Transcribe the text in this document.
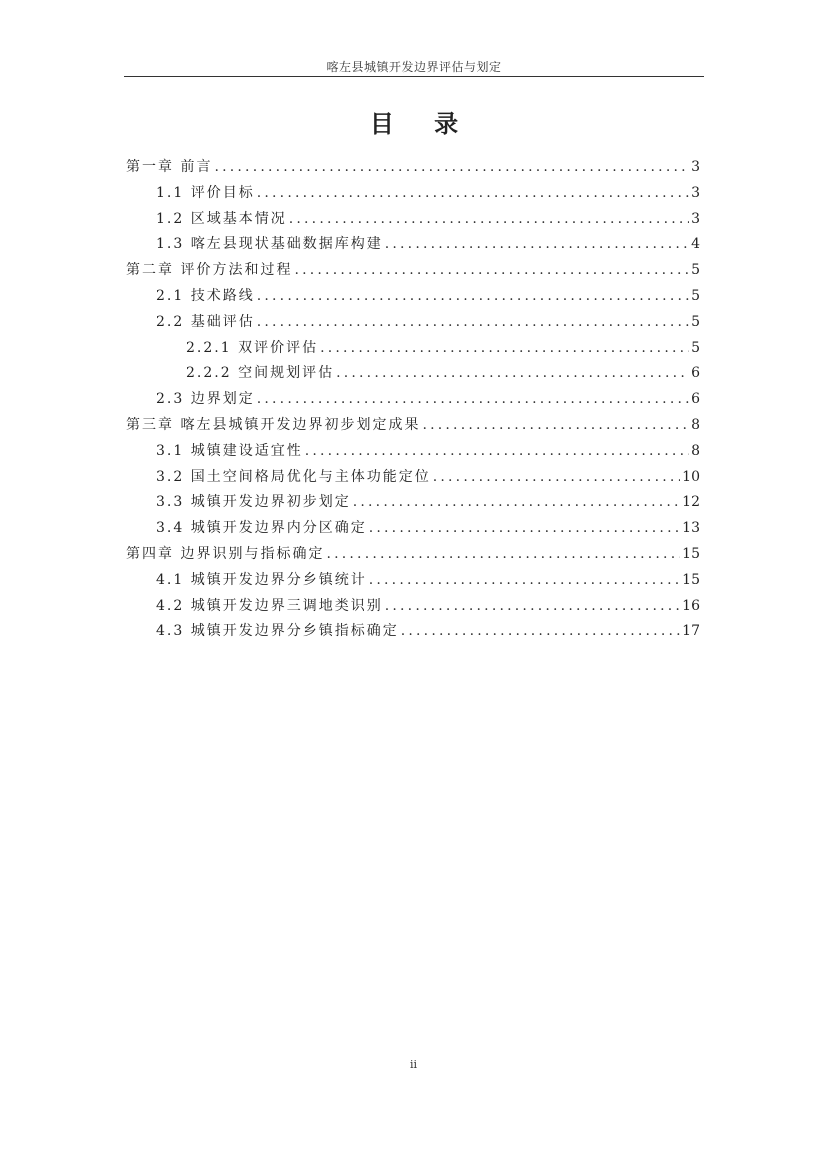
喀左县城镇开发边界评估与划定
目 录
第一章 前言 .....	3
1.1 评价目标 .....	3
1.2 区域基本情况 .....	3
1.3 喀左县现状基础数据库构建 .....	4
第二章 评价方法和过程 .....	5
2.1 技术路线 .....	5
2.2 基础评估 .....	5
2.2.1 双评价评估 .....	5
2.2.2 空间规划评估 .....	6
2.3 边界划定 .....	6
第三章 喀左县城镇开发边界初步划定成果 .....	8
3.1 城镇建设适宜性 .....	8
3.2 国土空间格局优化与主体功能定位 .....	10
3.3 城镇开发边界初步划定 .....	12
3.4 城镇开发边界内分区确定 .....	13
第四章 边界识别与指标确定 .....	15
4.1 城镇开发边界分乡镇统计 .....	15
4.2 城镇开发边界三调地类识别 .....	16
4.3 城镇开发边界分乡镇指标确定 .....	17
ii
